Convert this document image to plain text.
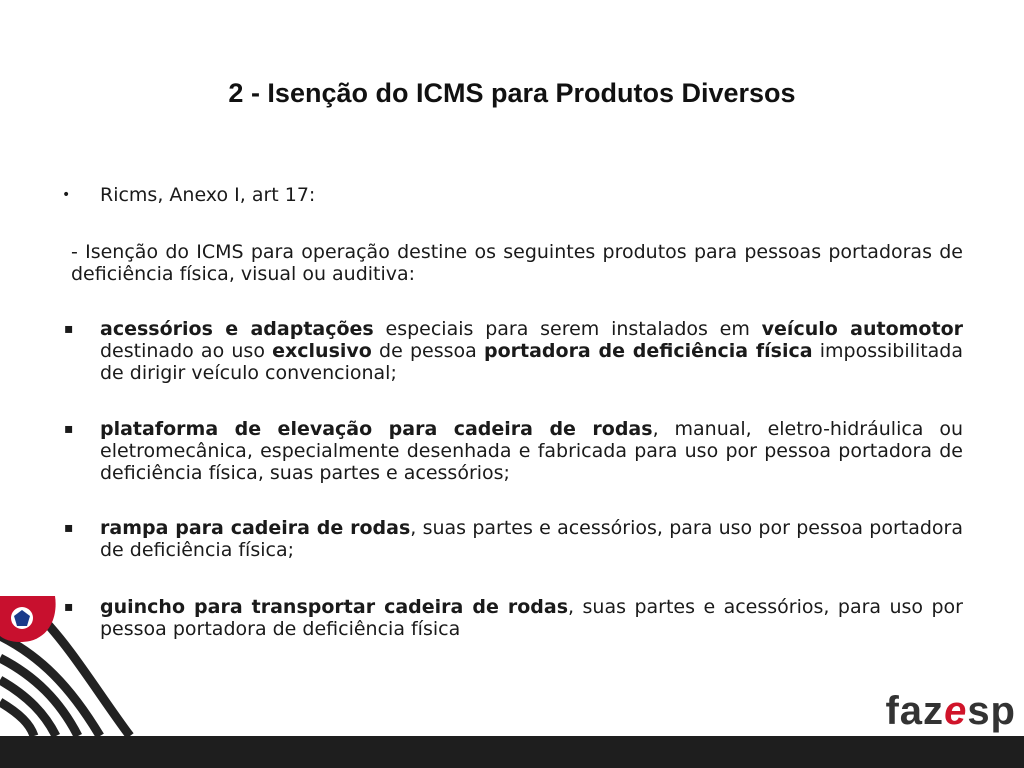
2 - Isenção do ICMS para Produtos Diversos
• Ricms, Anexo I, art 17:
- Isenção do ICMS para operação destine os seguintes produtos para pessoas portadoras de deficiência física, visual ou auditiva:
▪ acessórios e adaptações especiais para serem instalados em veículo automotor destinado ao uso exclusivo de pessoa portadora de deficiência física impossibilitada de dirigir veículo convencional;
▪ plataforma de elevação para cadeira de rodas, manual, eletro-hidráulica ou eletromecânica, especialmente desenhada e fabricada para uso por pessoa portadora de deficiência física, suas partes e acessórios;
▪ rampa para cadeira de rodas, suas partes e acessórios, para uso por pessoa portadora de deficiência física;
▪ guincho para transportar cadeira de rodas, suas partes e acessórios, para uso por pessoa portadora de deficiência física
fazesp
